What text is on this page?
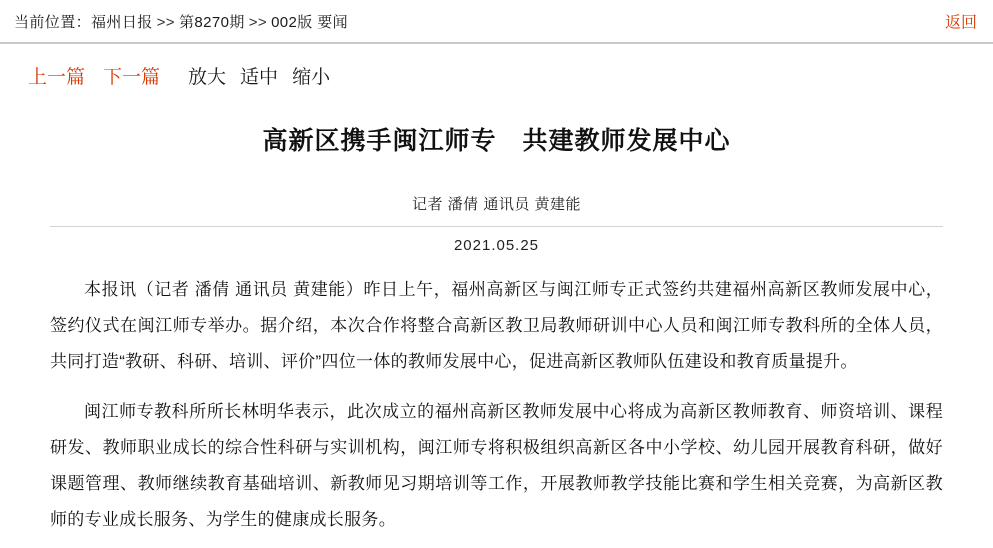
当前位置：福州日报 >> 第8270期 >> 002版 要闻	返回
上一篇 下一篇 放大 适中 缩小
高新区携手闽江师专　共建教师发展中心
记者 潘倩 通讯员 黄建能
2021.05.25

本报讯（记者 潘倩 通讯员 黄建能）昨日上午，福州高新区与闽江师专正式签约共建福州高新区教师发展中心，签约仪式在闽江师专举办。据介绍，本次合作将整合高新区教卫局教师研训中心人员和闽江师专教科所的全体人员，共同打造“教研、科研、培训、评价”四位一体的教师发展中心，促进高新区教师队伍建设和教育质量提升。

闽江师专教科所所长林明华表示，此次成立的福州高新区教师发展中心将成为高新区教师教育、师资培训、课程研发、教师职业成长的综合性科研与实训机构，闽江师专将积极组织高新区各中小学校、幼儿园开展教育科研，做好课题管理、教师继续教育基础培训、新教师见习期培训等工作，开展教师教学技能比赛和学生相关竞赛，为高新区教师的专业成长服务、为学生的健康成长服务。
